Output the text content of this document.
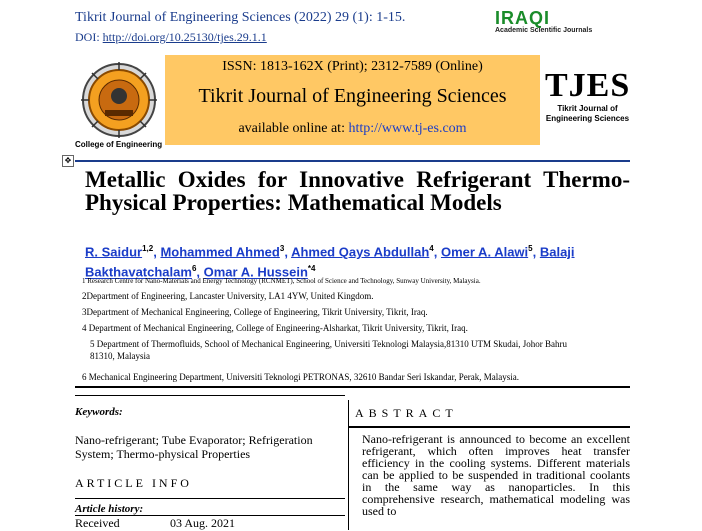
Tikrit Journal of Engineering Sciences (2022) 29 (1): 1-15.
DOI: http://doi.org/10.25130/tjes.29.1.1
IRAQI
Academic Scientific Journals
College of Engineering
ISSN: 1813-162X (Print); 2312-7589 (Online)
Tikrit Journal of Engineering Sciences
available online at: http://www.tj-es.com
TJES
Tikrit Journal of
Engineering Sciences
✥
Metallic Oxides for Innovative Refrigerant Thermo-Physical Properties: Mathematical Models
R. Saidur$^{1,2}$, Mohammed Ahmed$^3$, Ahmed Qays Abdullah$^4$, Omer A. Alawi$^5$, Balaji Bakthavatchalam$^6$, Omar A. Hussein$^{*4}$
1 Research Centre for Nano-Materials and Energy Technology (RCNMET), School of Science and Technology, Sunway University, Malaysia.
2Department of Engineering, Lancaster University, LA1 4YW, United Kingdom.
3Department of Mechanical Engineering, College of Engineering, Tikrit University, Tikrit, Iraq.
4 Department of Mechanical Engineering, College of Engineering-Alsharkat, Tikrit University, Tikrit, Iraq.
5 Department of Thermofluids, School of Mechanical Engineering, Universiti Teknologi Malaysia,81310 UTM Skudai, Johor Bahru 81310, Malaysia
6 Mechanical Engineering Department, Universiti Teknologi PETRONAS, 32610 Bandar Seri Iskandar, Perak, Malaysia.
Keywords:
Nano-refrigerant; Tube Evaporator; Refrigeration System; Thermo-physical Properties
ARTICLE INFO
Article history:
Received	03 Aug. 2021
ABSTRACT
Nano-refrigerant is announced to become an excellent refrigerant, which often improves heat transfer efficiency in the cooling systems. Different materials can be applied to be suspended in traditional coolants in the same way as nanoparticles. In this comprehensive research, mathematical modeling was used to
